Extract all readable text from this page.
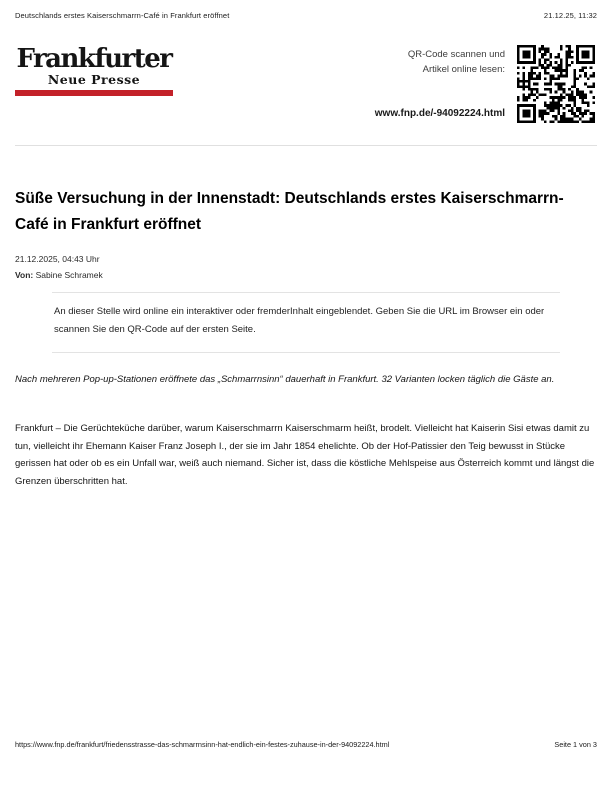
Deutschlands erstes Kaiserschmarrn-Café in Frankfurt eröffnet	21.12.25, 11:32
Frankfurter
Neue Presse
QR-Code scannen und
Artikel online lesen:
www.fnp.de/-94092224.html
Süße Versuchung in der Innenstadt: Deutschlands erstes Kaiserschmarrn-Café in Frankfurt eröffnet
21.12.2025, 04:43 Uhr
Von: Sabine Schramek
An dieser Stelle wird online ein interaktiver oder fremderInhalt eingeblendet. Geben Sie die URL im Browser ein oder scannen Sie den QR-Code auf der ersten Seite.

Nach mehreren Pop-up-Stationen eröffnete das „Schmarrnsinn“ dauerhaft in Frankfurt. 32 Varianten locken täglich die Gäste an.

Frankfurt – Die Gerüchteküche darüber, warum Kaiserschmarrn Kaiserschmarm heißt, brodelt. Vielleicht hat Kaiserin Sisi etwas damit zu tun, vielleicht ihr Ehemann Kaiser Franz Joseph I., der sie im Jahr 1854 ehelichte. Ob der Hof-Patissier den Teig bewusst in Stücke gerissen hat oder ob es ein Unfall war, weiß auch niemand. Sicher ist, dass die köstliche Mehlspeise aus Österreich kommt und längst die Grenzen überschritten hat.

https://www.fnp.de/frankfurt/friedensstrasse-das-schmarrnsinn-hat-endlich-ein-festes-zuhause-in-der-94092224.html	Seite 1 von 3
